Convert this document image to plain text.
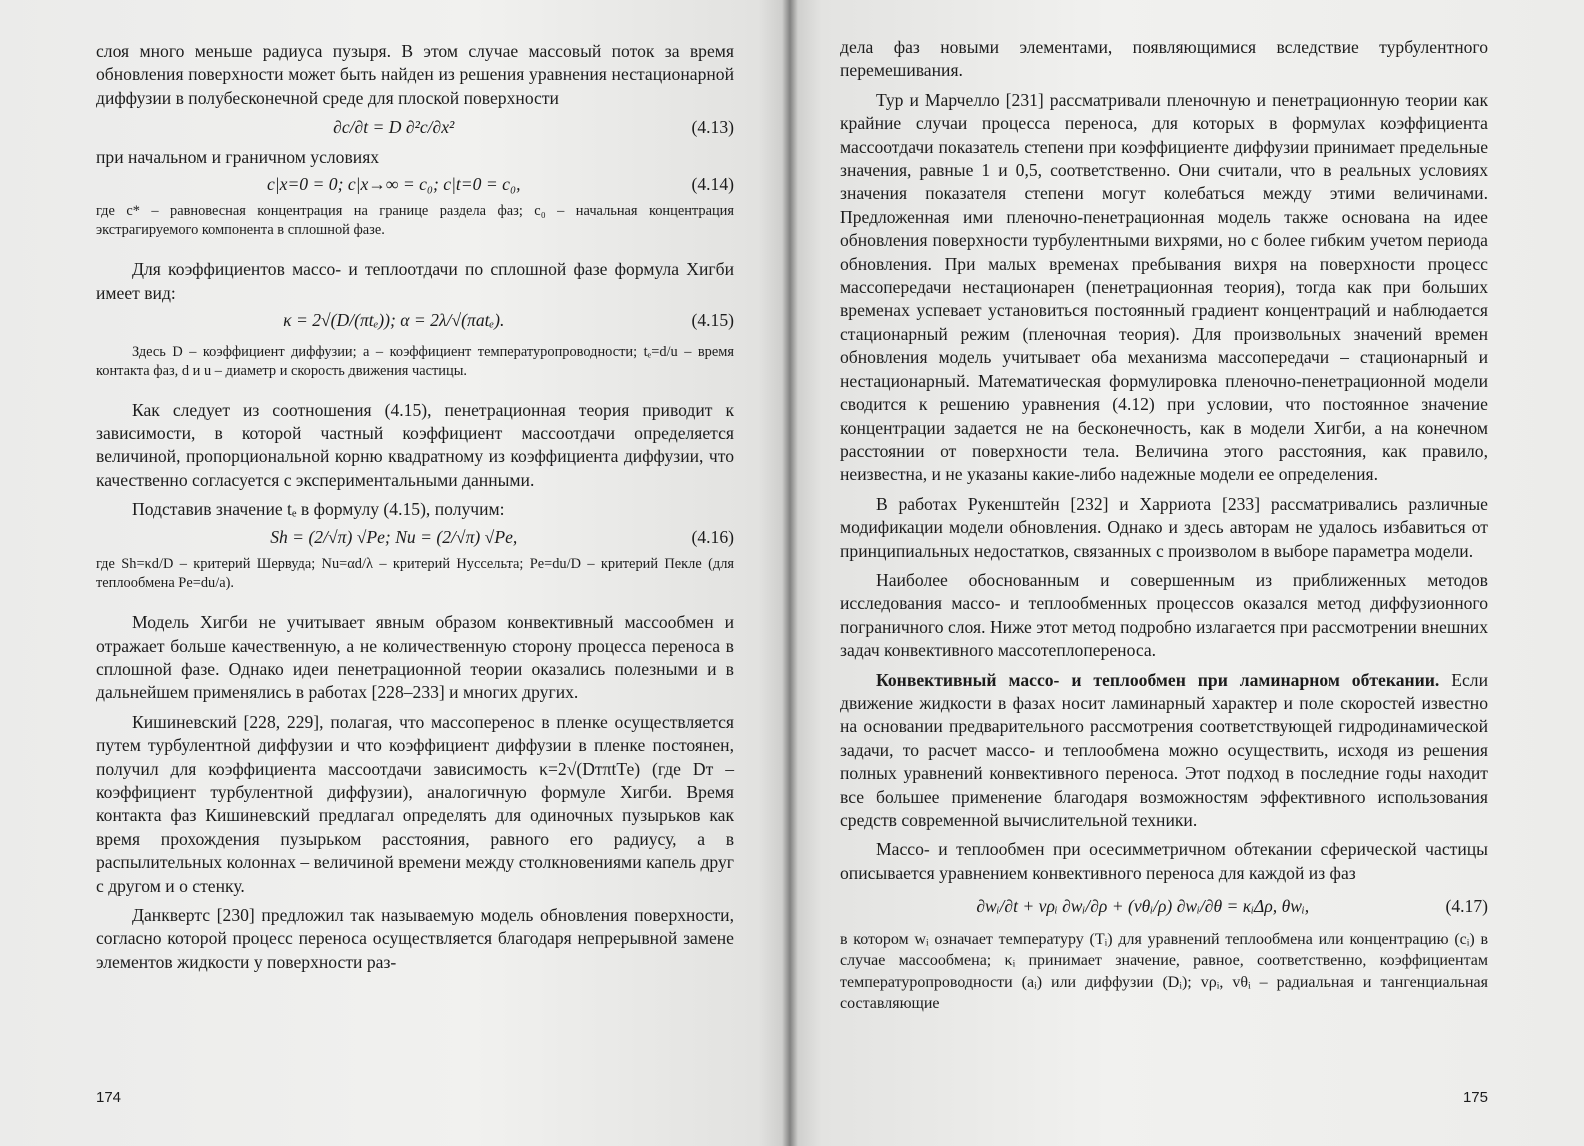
слоя много меньше радиуса пузыря. В этом случае массовый поток за время обновления поверхности может быть найден из решения уравнения нестационарной диффузии в полубесконечной среде для плоской поверхности

∂c/∂t = D ∂²c/∂x²	(4.13)

при начальном и граничном условиях

c|x=0 = 0; c|x→∞ = c₀; c|t=0 = c₀,	(4.14)

где c* – равновесная концентрация на границе раздела фаз; c₀ – начальная концентрация экстрагируемого компонента в сплошной фазе.

Для коэффициентов массо- и теплоотдачи по сплошной фазе формула Хигби имеет вид:

κ = 2√(D/(πtₑ)); α = 2λ/√(πatₑ).	(4.15)

Здесь D – коэффициент диффузии; a – коэффициент температуропроводности; tₑ=d/u – время контакта фаз, d и u – диаметр и скорость движения частицы.

Как следует из соотношения (4.15), пенетрационная теория приводит к зависимости, в которой частный коэффициент массоотдачи определяется величиной, пропорциональной корню квадратному из коэффициента диффузии, что качественно согласуется с экспериментальными данными.

Подставив значение tₑ в формулу (4.15), получим:

Sh = (2/√π) √Pe; Nu = (2/√π) √Pe,	(4.16)

где Sh=κd/D – критерий Шервуда; Nu=αd/λ – критерий Нуссельта; Pe=du/D – критерий Пекле (для теплообмена Pe=du/a).

Модель Хигби не учитывает явным образом конвективный массообмен и отражает больше качественную, а не количественную сторону процесса переноса в сплошной фазе. Однако идеи пенетрационной теории оказались полезными и в дальнейшем применялись в работах [228–233] и многих других.

Кишиневский [228, 229], полагая, что массоперенос в пленке осуществляется путем турбулентной диффузии и что коэффициент диффузии в пленке постоянен, получил для коэффициента массоотдачи зависимость κ=2√(DтπtТе) (где Dт – коэффициент турбулентной диффузии), аналогичную формуле Хигби. Время контакта фаз Кишиневский предлагал определять для одиночных пузырьков как время прохождения пузырьком расстояния, равного его радиусу, а в распылительных колоннах – величиной времени между столкновениями капель друг с другом и о стенку.

Данквертс [230] предложил так называемую модель обновления поверхности, согласно которой процесс переноса осуществляется благодаря непрерывной замене элементов жидкости у поверхности раз-

174

дела фаз новыми элементами, появляющимися вследствие турбулентного перемешивания.

Тур и Марчелло [231] рассматривали пленочную и пенетрационную теории как крайние случаи процесса переноса, для которых в формулах коэффициента массоотдачи показатель степени при коэффициенте диффузии принимает предельные значения, равные 1 и 0,5, соответственно. Они считали, что в реальных условиях значения показателя степени могут колебаться между этими величинами. Предложенная ими пленочно-пенетрационная модель также основана на идее обновления поверхности турбулентными вихрями, но с более гибким учетом периода обновления. При малых временах пребывания вихря на поверхности процесс массопередачи нестационарен (пенетрационная теория), тогда как при больших временах успевает установиться постоянный градиент концентраций и наблюдается стационарный режим (пленочная теория). Для произвольных значений времен обновления модель учитывает оба механизма массопередачи – стационарный и нестационарный. Математическая формулировка пленочно-пенетрационной модели сводится к решению уравнения (4.12) при условии, что постоянное значение концентрации задается не на бесконечность, как в модели Хигби, а на конечном расстоянии от поверхности тела. Величина этого расстояния, как правило, неизвестна, и не указаны какие-либо надежные модели ее определения.

В работах Рукенштейн [232] и Харриота [233] рассматривались различные модификации модели обновления. Однако и здесь авторам не удалось избавиться от принципиальных недостатков, связанных с произволом в выборе параметра модели.

Наиболее обоснованным и совершенным из приближенных методов исследования массо- и теплообменных процессов оказался метод диффузионного пограничного слоя. Ниже этот метод подробно излагается при рассмотрении внешних задач конвективного массотеплопереноса.

Конвективный массо- и теплообмен при ламинарном обтекании. Если движение жидкости в фазах носит ламинарный характер и поле скоростей известно на основании предварительного рассмотрения соответствующей гидродинамической задачи, то расчет массо- и теплообмена можно осуществить, исходя из решения полных уравнений конвективного переноса. Этот подход в последние годы находит все большее применение благодаря возможностям эффективного использования средств современной вычислительной техники.

Массо- и теплообмен при осесимметричном обтекании сферической частицы описывается уравнением конвективного переноса для каждой из фаз

∂wᵢ/∂t + vρᵢ ∂wᵢ/∂ρ + (vθᵢ/ρ) ∂wᵢ/∂θ = κᵢΔρ, θwᵢ,	(4.17)

в котором wᵢ означает температуру (Tᵢ) для уравнений теплообмена или концентрацию (cᵢ) в случае массообмена; κᵢ принимает значение, равное, соответственно, коэффициентам температуропроводности (aᵢ) или диффузии (Dᵢ); vρᵢ, vθᵢ – радиальная и тангенциальная составляющие

175
